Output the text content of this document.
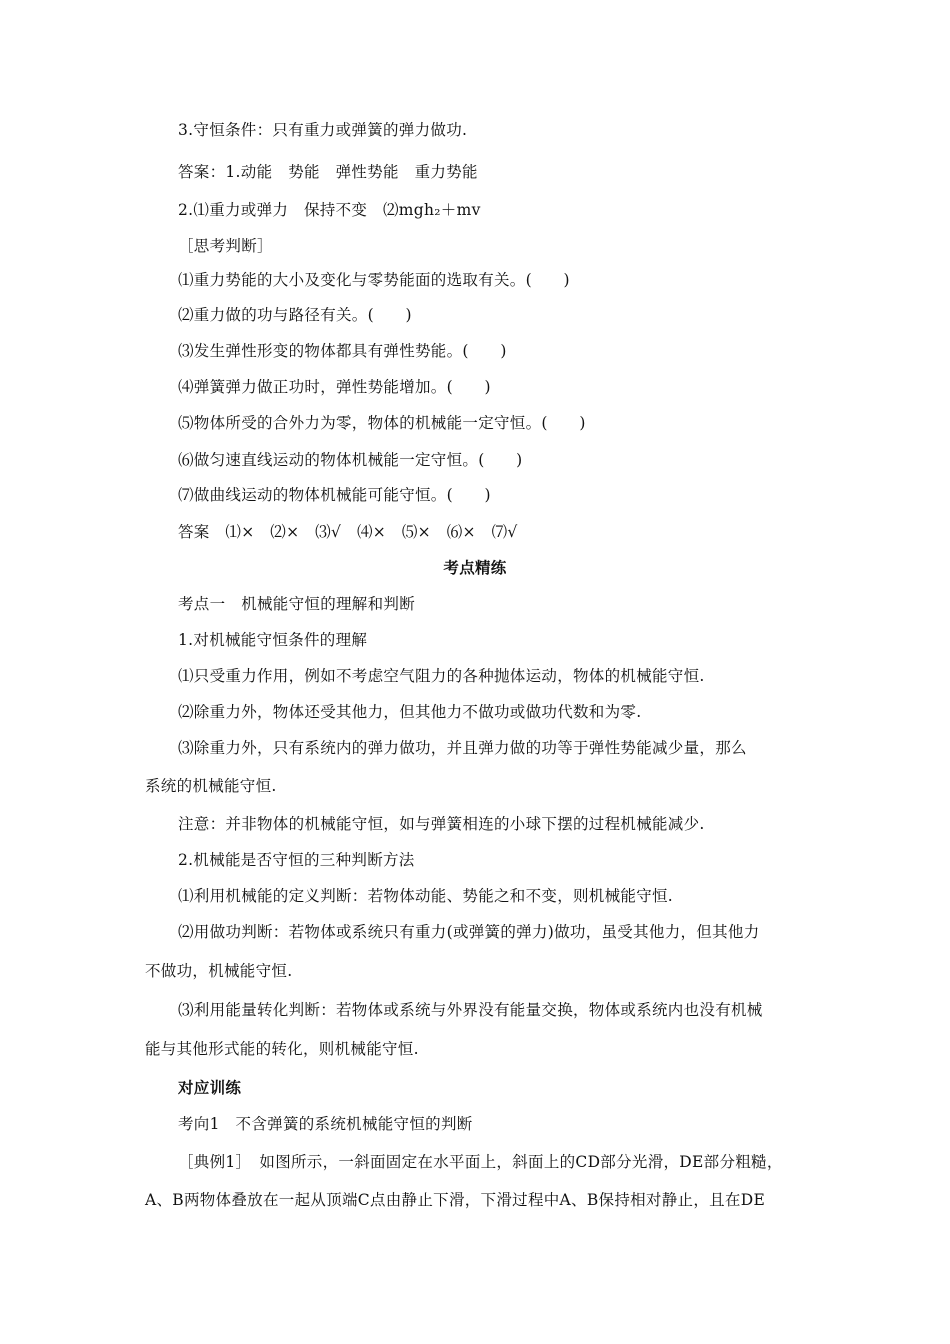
3.守恒条件：只有重力或弹簧的弹力做功.
答案：1.动能　势能　弹性势能　重力势能
2.⑴重力或弹力　保持不变　⑵mgh₂＋mv
［思考判断］
⑴重力势能的大小及变化与零势能面的选取有关。(　　)
⑵重力做的功与路径有关。(　　)
⑶发生弹性形变的物体都具有弹性势能。(　　)
⑷弹簧弹力做正功时，弹性势能增加。(　　)
⑸物体所受的合外力为零，物体的机械能一定守恒。(　　)
⑹做匀速直线运动的物体机械能一定守恒。(　　)
⑺做曲线运动的物体机械能可能守恒。(　　)
答案　⑴×　⑵×　⑶√　⑷×　⑸×　⑹×　⑺√
考点精练
考点一　机械能守恒的理解和判断
1.对机械能守恒条件的理解
⑴只受重力作用，例如不考虑空气阻力的各种抛体运动，物体的机械能守恒.
⑵除重力外，物体还受其他力，但其他力不做功或做功代数和为零.
⑶除重力外，只有系统内的弹力做功，并且弹力做的功等于弹性势能减少量，那么
系统的机械能守恒.
注意：并非物体的机械能守恒，如与弹簧相连的小球下摆的过程机械能减少.
2.机械能是否守恒的三种判断方法
⑴利用机械能的定义判断：若物体动能、势能之和不变，则机械能守恒.
⑵用做功判断：若物体或系统只有重力(或弹簧的弹力)做功，虽受其他力，但其他力
不做功，机械能守恒.
⑶利用能量转化判断：若物体或系统与外界没有能量交换，物体或系统内也没有机械
能与其他形式能的转化，则机械能守恒.
对应训练
考向1　不含弹簧的系统机械能守恒的判断
［典例1］　如图所示，一斜面固定在水平面上，斜面上的CD部分光滑，DE部分粗糙，
A、B两物体叠放在一起从顶端C点由静止下滑，下滑过程中A、B保持相对静止，且在DE
